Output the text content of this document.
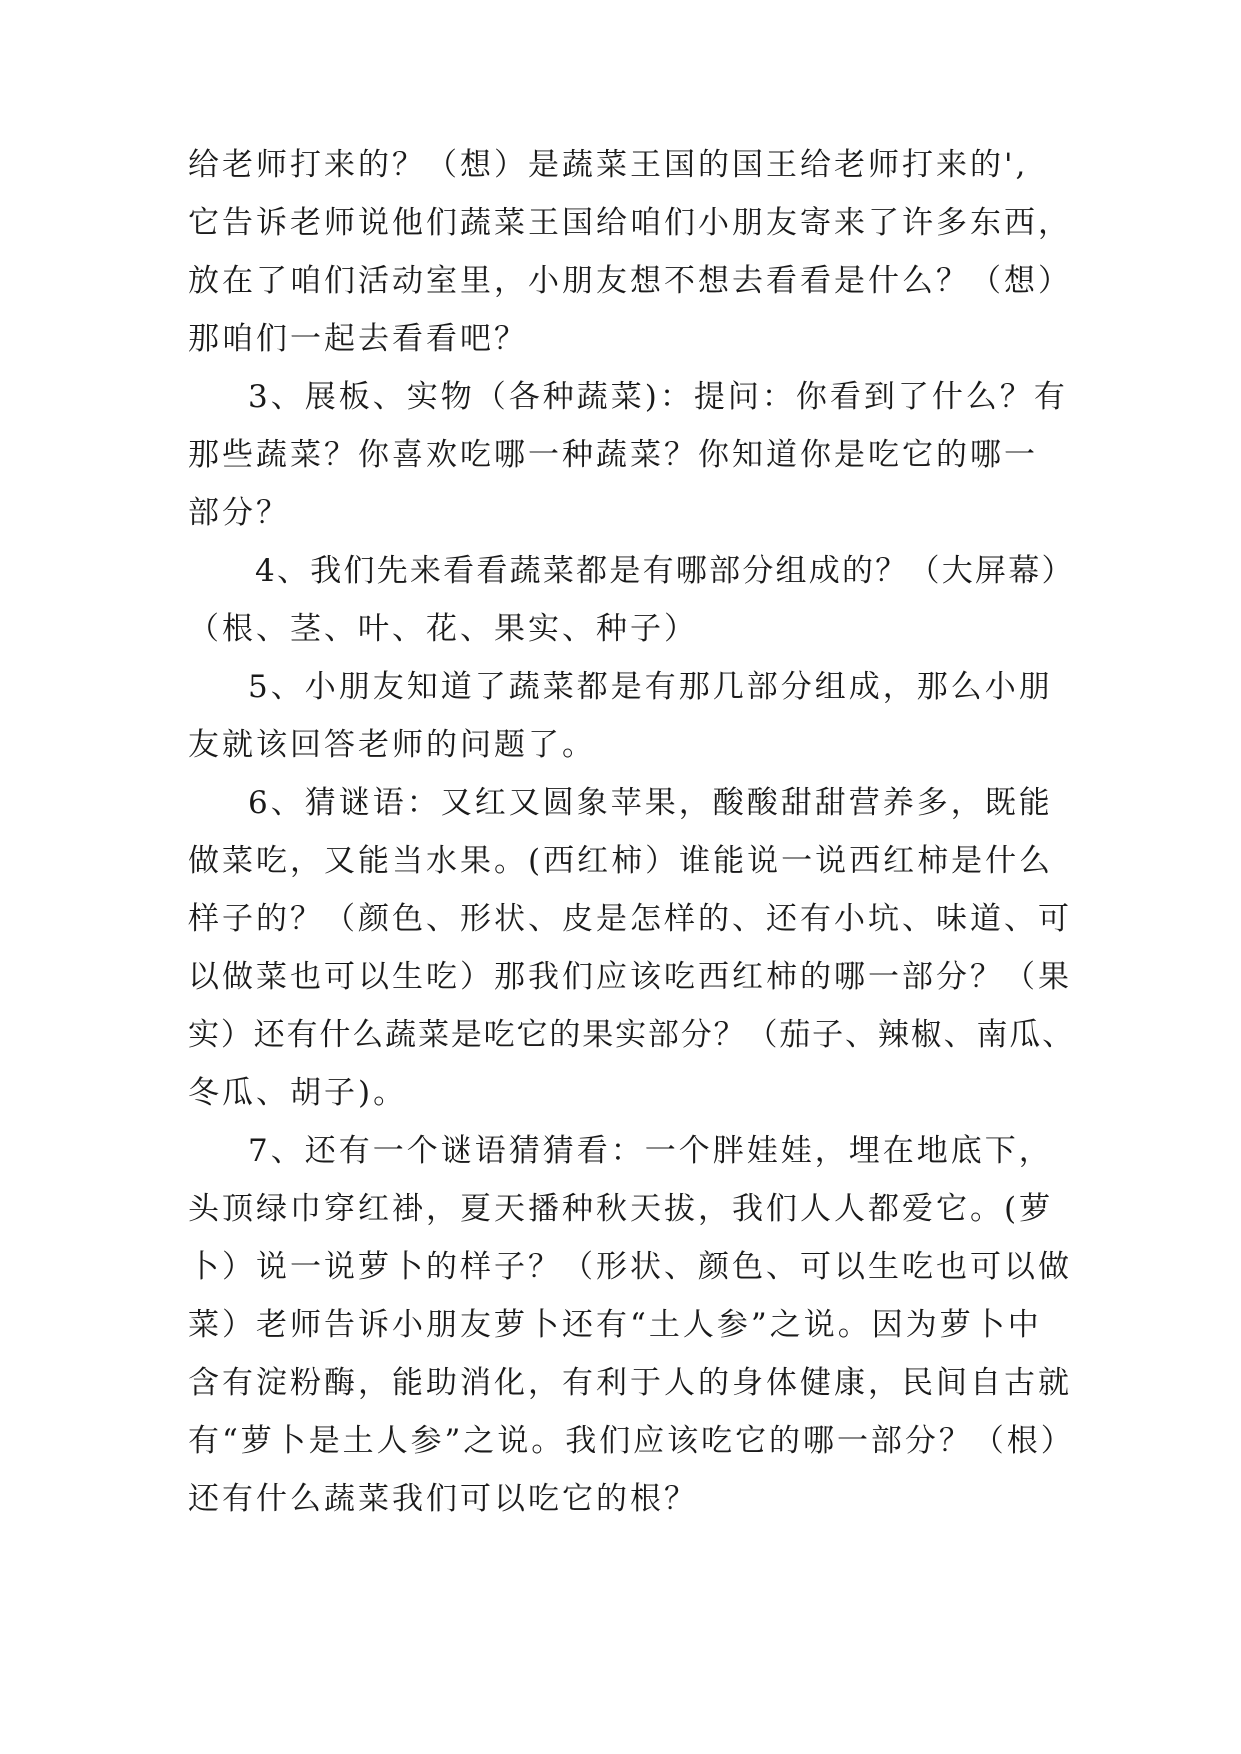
给老师打来的？（想）是蔬菜王国的国王给老师打来的',

它告诉老师说他们蔬菜王国给咱们小朋友寄来了许多东西，

放在了咱们活动室里，小朋友想不想去看看是什么？（想）

那咱们一起去看看吧？

3、展板、实物（各种蔬菜)：提问：你看到了什么？有

那些蔬菜？你喜欢吃哪一种蔬菜？你知道你是吃它的哪一

部分？

4、我们先来看看蔬菜都是有哪部分组成的？（大屏幕）

（根、茎、叶、花、果实、种子）

5、小朋友知道了蔬菜都是有那几部分组成，那么小朋

友就该回答老师的问题了。

6、猜谜语：又红又圆象苹果，酸酸甜甜营养多，既能

做菜吃，又能当水果。(西红柿）谁能说一说西红柿是什么

样子的？（颜色、形状、皮是怎样的、还有小坑、味道、可

以做菜也可以生吃）那我们应该吃西红柿的哪一部分？（果

实）还有什么蔬菜是吃它的果实部分？（茄子、辣椒、南瓜、

冬瓜、胡子)。

7、还有一个谜语猜猜看：一个胖娃娃，埋在地底下，

头顶绿巾穿红褂，夏天播种秋天拔，我们人人都爱它。(萝

卜）说一说萝卜的样子？（形状、颜色、可以生吃也可以做

菜）老师告诉小朋友萝卜还有“土人参”之说。因为萝卜中

含有淀粉酶，能助消化，有利于人的身体健康，民间自古就

有“萝卜是土人参”之说。我们应该吃它的哪一部分？（根）

还有什么蔬菜我们可以吃它的根？
